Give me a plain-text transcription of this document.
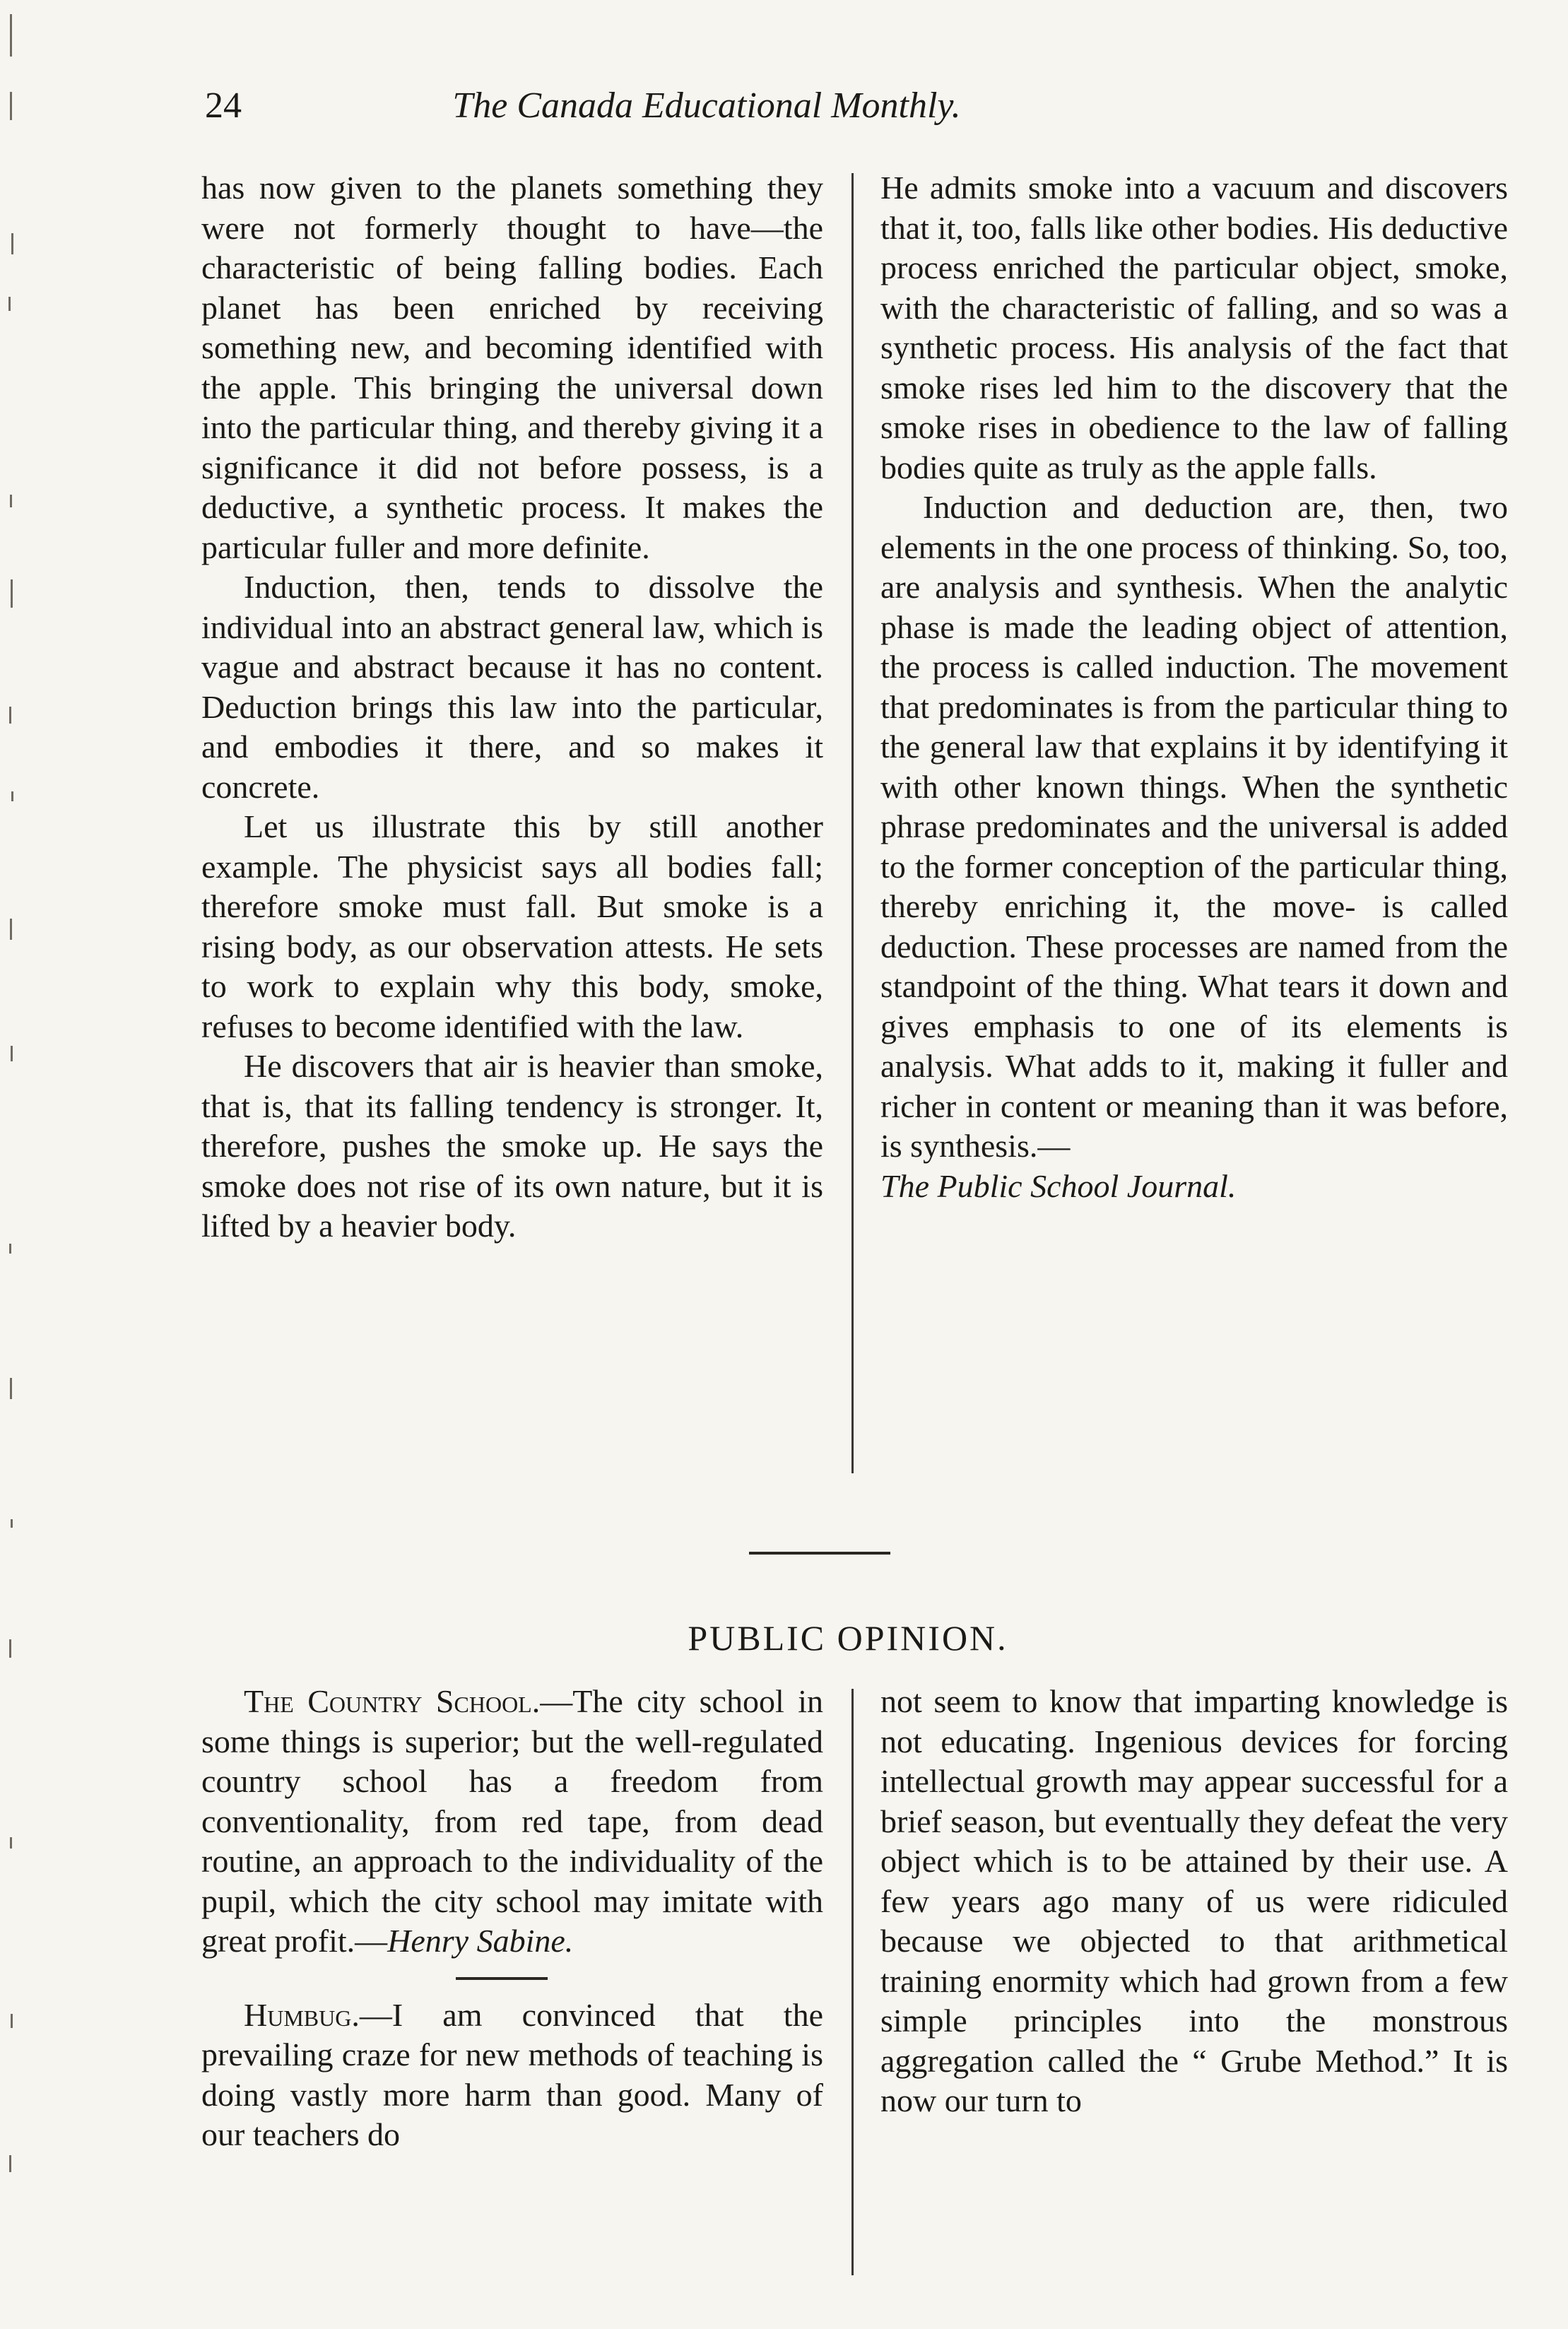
24	The Canada Educational Monthly.

has now given to the planets something they were not formerly thought to have—the characteristic of being falling bodies. Each planet has been enriched by receiving something new, and becoming identified with the apple. This bringing the universal down into the particular thing, and thereby giving it a significance it did not before possess, is a deductive, a synthetic process. It makes the particular fuller and more definite.

Induction, then, tends to dissolve the individual into an abstract general law, which is vague and abstract because it has no content. Deduction brings this law into the particular, and embodies it there, and so makes it concrete.

Let us illustrate this by still another example. The physicist says all bodies fall; therefore smoke must fall. But smoke is a rising body, as our observation attests. He sets to work to explain why this body, smoke, refuses to become identified with the law.

He discovers that air is heavier than smoke, that is, that its falling tendency is stronger. It, therefore, pushes the smoke up. He says the smoke does not rise of its own nature, but it is lifted by a heavier body.

He admits smoke into a vacuum and discovers that it, too, falls like other bodies. His deductive process enriched the particular object, smoke, with the characteristic of falling, and so was a synthetic process. His analysis of the fact that smoke rises led him to the discovery that the smoke rises in obedience to the law of falling bodies quite as truly as the apple falls.

Induction and deduction are, then, two elements in the one process of thinking. So, too, are analysis and synthesis. When the analytic phase is made the leading object of attention, the process is called induction. The movement that predominates is from the particular thing to the general law that explains it by identifying it with other known things. When the synthetic phrase predominates and the universal is added to the former conception of the particular thing, thereby enriching it, the move- is called deduction. These processes are named from the standpoint of the thing. What tears it down and gives emphasis to one of its elements is analysis. What adds to it, making it fuller and richer in content or meaning than it was before, is synthesis.—
The Public School Journal.

PUBLIC OPINION.

The Country School.—The city school in some things is superior; but the well-regulated country school has a freedom from conventionality, from red tape, from dead routine, an approach to the individuality of the pupil, which the city school may imitate with great profit.—Henry Sabine.

Humbug.—I am convinced that the prevailing craze for new methods of teaching is doing vastly more harm than good. Many of our teachers do

not seem to know that imparting knowledge is not educating. Ingenious devices for forcing intellectual growth may appear successful for a brief season, but eventually they defeat the very object which is to be attained by their use. A few years ago many of us were ridiculed because we objected to that arithmetical training enormity which had grown from a few simple principles into the monstrous aggregation called the “ Grube Method.” It is now our turn to
